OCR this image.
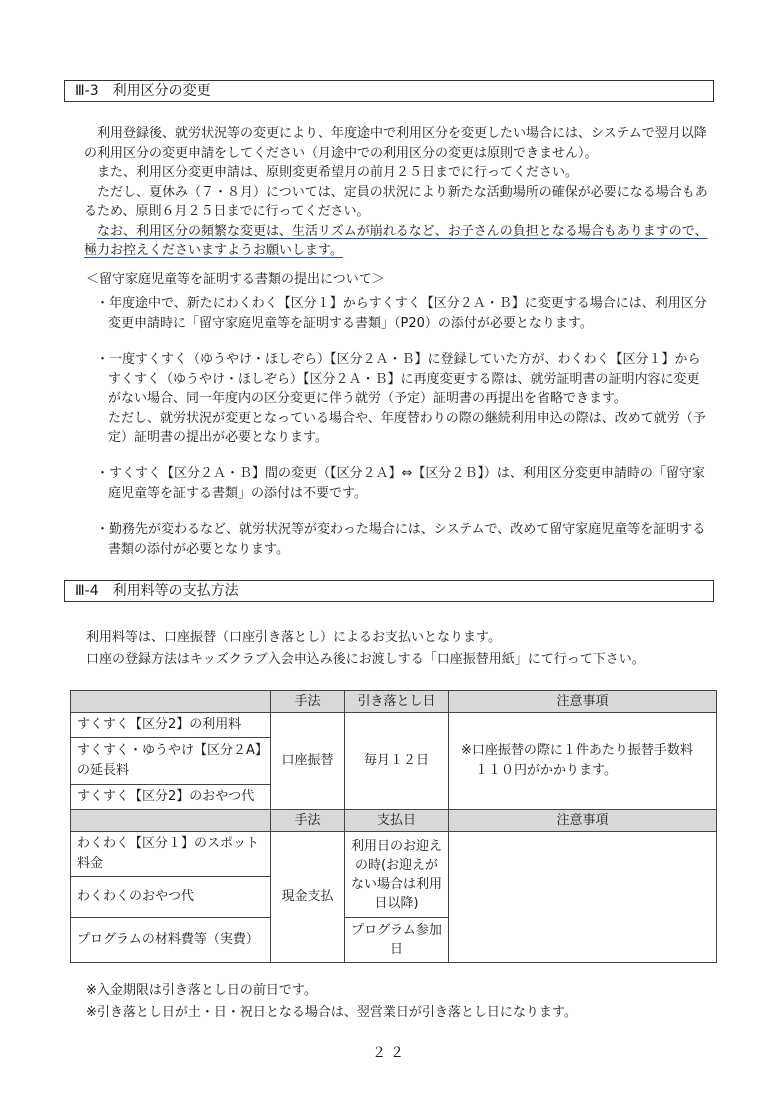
Ⅲ-3　利用区分の変更

利用登録後、就労状況等の変更により、年度途中で利用区分を変更したい場合には、システムで翌月以降の利用区分の変更申請をしてください（月途中での利用区分の変更は原則できません）。

また、利用区分変更申請は、原則変更希望月の前月２５日までに行ってください。

ただし、夏休み（７・８月）については、定員の状況により新たな活動場所の確保が必要になる場合もあるため、原則６月２５日までに行ってください。

なお、利用区分の頻繁な変更は、生活リズムが崩れるなど、お子さんの負担となる場合もありますので、極力お控えくださいますようお願いします。

＜留守家庭児童等を証明する書類の提出について＞

・年度途中で、新たにわくわく【区分１】からすくすく【区分２Ａ・Ｂ】に変更する場合には、利用区分

変更申請時に「留守家庭児童等を証明する書類」（P20）の添付が必要となります。

・一度すくすく（ゆうやけ・ほしぞら）【区分２Ａ・Ｂ】に登録していた方が、わくわく【区分１】から

すくすく（ゆうやけ・ほしぞら）【区分２Ａ・Ｂ】に再度変更する際は、就労証明書の証明内容に変更

がない場合、同一年度内の区分変更に伴う就労（予定）証明書の再提出を省略できます。

ただし、就労状況が変更となっている場合や、年度替わりの際の継続利用申込の際は、改めて就労（予

定）証明書の提出が必要となります。

・すくすく【区分２Ａ・Ｂ】間の変更（【区分２Ａ】⇔【区分２Ｂ】）は、利用区分変更申請時の「留守家

庭児童等を証する書類」の添付は不要です。

・勤務先が変わるなど、就労状況等が変わった場合には、システムで、改めて留守家庭児童等を証明する

書類の添付が必要となります。

Ⅲ-4　利用料等の支払方法
利用料等は、口座振替（口座引き落とし）によるお支払いとなります。
口座の登録方法はキッズクラブ入会申込み後にお渡しする「口座振替用紙」にて行って下さい。
	手法	引き落とし日	注意事項
すくすく【区分2】の利用料	口座振替	毎月１２日	※口座振替の際に１件あたり振替手数料
１１０円がかかります。

すくすく・ゆうやけ【区分２A】の延長料			
すくすく【区分2】のおやつ代			
	手法	支払日	注意事項
わくわく【区分１】のスポット料金	現金支払	利用日のお迎えの時(お迎えがない場合は利用日以降)	
わくわくのおやつ代			
プログラムの材料費等（実費）		プログラム参加日	
※入金期限は引き落とし日の前日です。
※引き落とし日が土・日・祝日となる場合は、翌営業日が引き落とし日になります。
２２
